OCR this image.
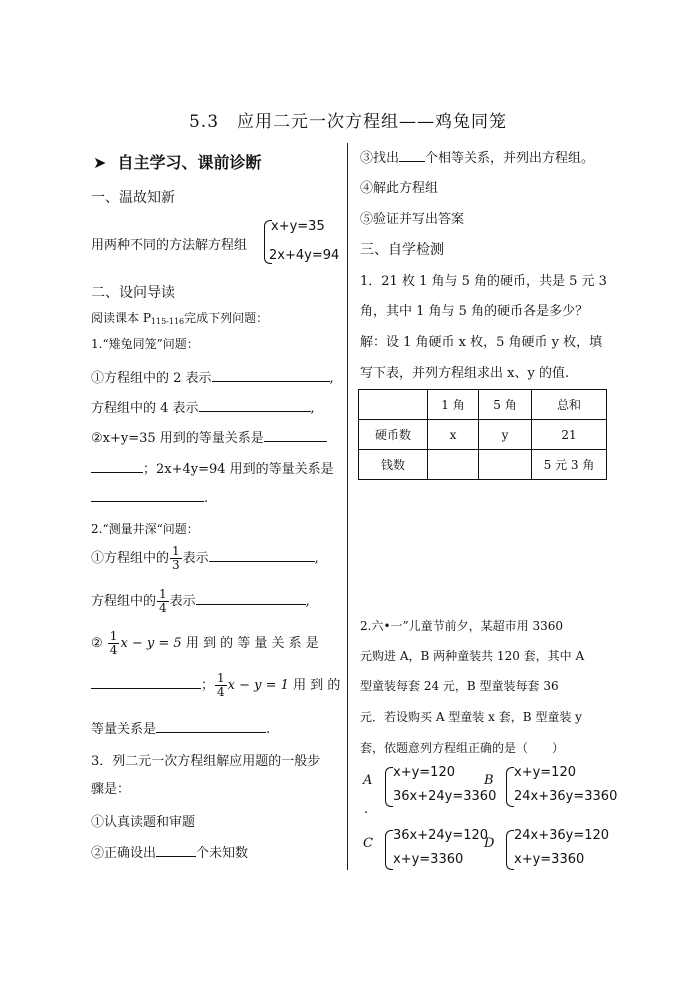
5.3　应用二元一次方程组——鸡兔同笼
➤ 自主学习、课前诊断
一、温故知新
用两种不同的方法解方程组
x+y=35
2x+4y=94
二、设问导读
阅读课本 $P_{115-116}$完成下列问题：
1.“雉兔同笼”问题：
①方程组中的 2 表示	,
方程组中的 4 表示	,
②x+y=35 用到的等量关系是
；2x+4y=94 用到的等量关系是
.
2.“测量井深“问题：
①方程组中的 $\frac{1}{3}$ 表示	,
方程组中的 $\frac{1}{4}$ 表示	,
② $\frac{1}{4}$ x − y = 5 用 到 的 等 量 关 系 是
； $\frac{1}{4}$ x − y = 1 用 到 的
等量关系是	.
3．列二元一次方程组解应用题的一般步
骤是：
①认真读题和审题
②正确设出	个未知数
③找出 个相等关系，并列出方程组。
④解此方程组
⑤验证并写出答案
三、自学检测
1．21 枚 1 角与 5 角的硬币，共是 5 元 3
角，其中 1 角与 5 角的硬币各是多少？
解：设 1 角硬币 x 枚，5 角硬币 y 枚，填
写下表，并列方程组求出 x、y 的值.
	1 角	5 角	总和
硬币数	x	y	21
钱数			5 元 3 角
2.六•一”儿童节前夕，某超市用 3360
元购进 A，B 两种童装共 120 套，其中 A
型童装每套 24 元，B 型童装每套 36
元．若设购买 A 型童装 x 套，B 型童装 y
套，依题意列方程组正确的是（　　）
A
x+y=120
36x+24y=3360
.
B
x+y=120
24x+36y=3360
C
36x+24y=120
x+y=3360
D
24x+36y=120
x+y=3360
